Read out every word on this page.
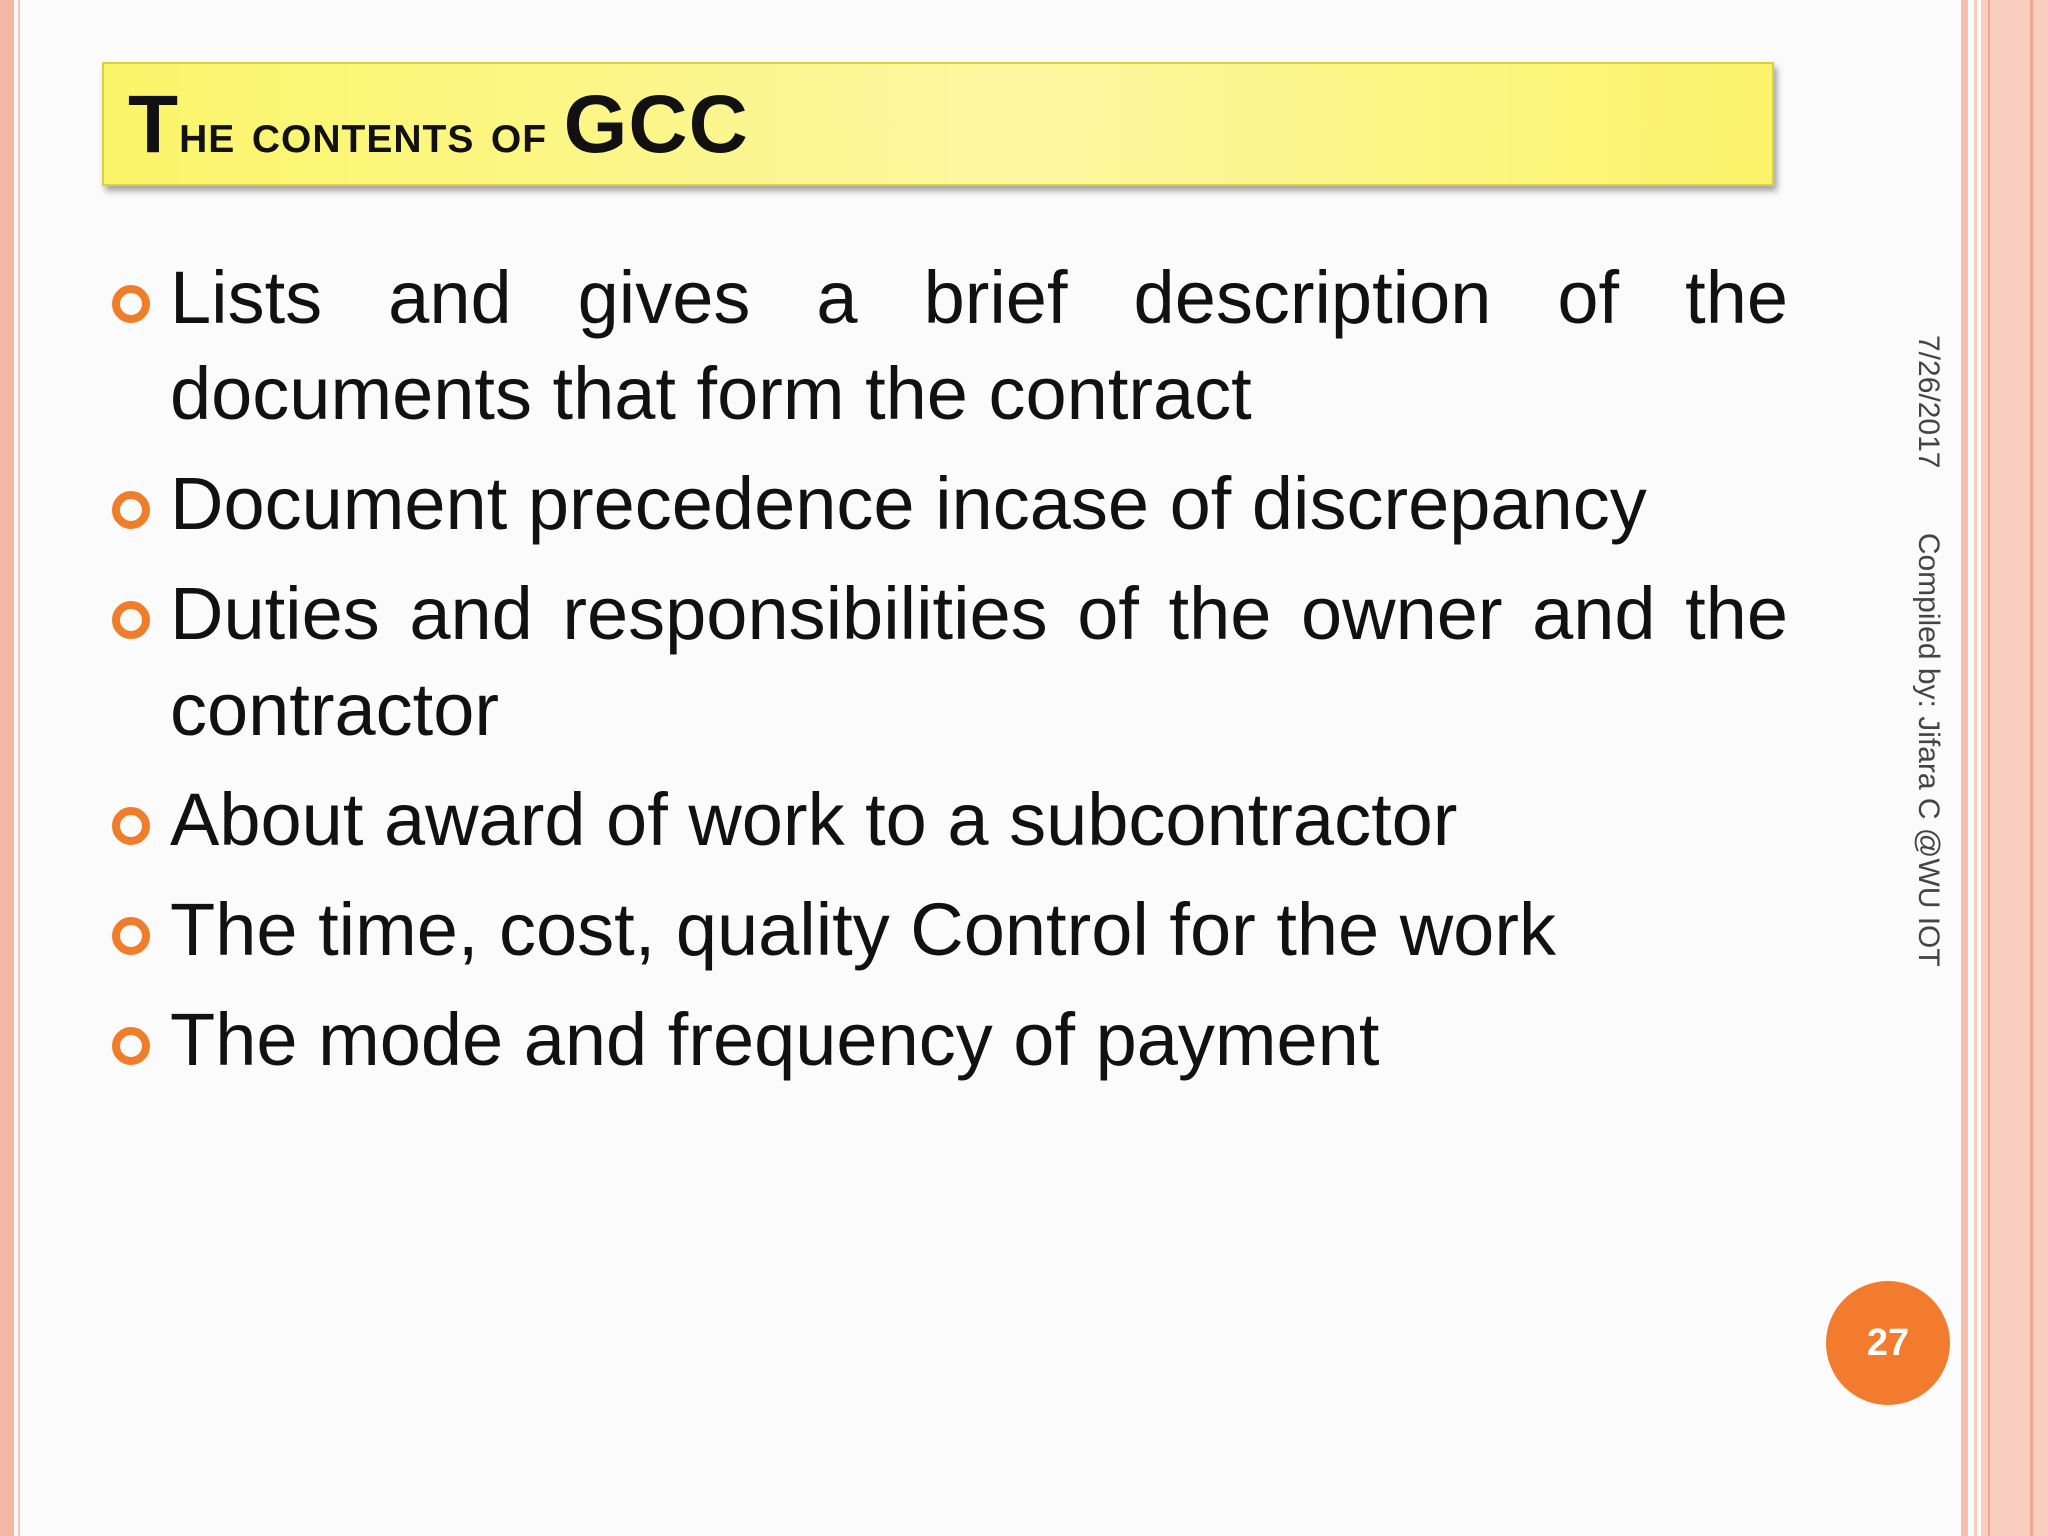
The contents of GCC
Lists and gives a brief description of the documents that form the contract
Document precedence incase of discrepancy
Duties and responsibilities of the owner and the contractor
About award of work to a subcontractor
The time, cost, quality Control for the work
The mode and frequency of payment
7/26/2017 Compiled by: Jifara C @WU IOT
27
